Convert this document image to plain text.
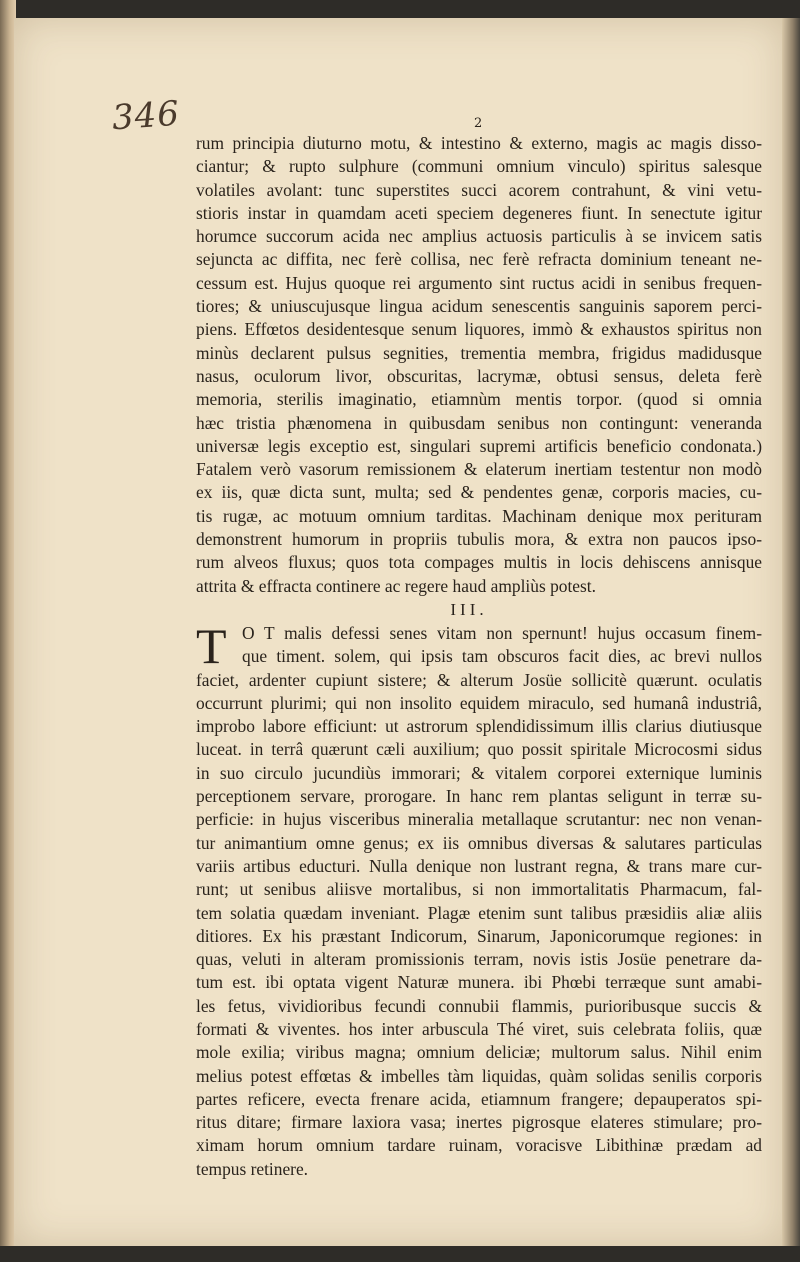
346	2
rum principia diuturno motu, & intestino & externo, magis ac magis disso-
ciantur; & rupto sulphure (communi omnium vinculo) spiritus salesque
volatiles avolant: tunc superstites succi acorem contrahunt, & vini vetu-
stioris instar in quamdam aceti speciem degeneres fiunt. In senectute igitur
horumce succorum acida nec amplius actuosis particulis à se invicem satis
sejuncta ac diffita, nec ferè collisa, nec ferè refracta dominium teneant ne-
cessum est. Hujus quoque rei argumento sint ructus acidi in senibus frequen-
tiores; & uniuscujusque lingua acidum senescentis sanguinis saporem perci-
piens. Effœtos desidentesque senum liquores, immò & exhaustos spiritus non
minùs declarent pulsus segnities, trementia membra, frigidus madidusque
nasus, oculorum livor, obscuritas, lacrymæ, obtusi sensus, deleta ferè
memoria, sterilis imaginatio, etiamnùm mentis torpor. (quod si omnia
hæc tristia phænomena in quibusdam senibus non contingunt: veneranda
universæ legis exceptio est, singulari supremi artificis beneficio condonata.)
Fatalem verò vasorum remissionem & elaterum inertiam testentur non modò
ex iis, quæ dicta sunt, multa; sed & pendentes genæ, corporis macies, cu-
tis rugæ, ac motuum omnium tarditas. Machinam denique mox perituram
demonstrent humorum in propriis tubulis mora, & extra non paucos ipso-
rum alveos fluxus; quos tota compages multis in locis dehiscens annisque
attrita & effracta continere ac regere haud ampliùs potest.
III.
T O T malis defessi senes vitam non spernunt! hujus occasum finem-
que timent. solem, qui ipsis tam obscuros facit dies, ac brevi nullos
faciet, ardenter cupiunt sistere; & alterum Josüe sollicitè quærunt. oculatis
occurrunt plurimi; qui non insolito equidem miraculo, sed humanâ industriâ,
improbo labore efficiunt: ut astrorum splendidissimum illis clarius diutiusque
luceat. in terrâ quærunt cæli auxilium; quo possit spiritale Microcosmi sidus
in suo circulo jucundiùs immorari; & vitalem corporei externique luminis
perceptionem servare, prorogare. In hanc rem plantas seligunt in terræ su-
perficie: in hujus visceribus mineralia metallaque scrutantur: nec non venan-
tur animantium omne genus; ex iis omnibus diversas & salutares particulas
variis artibus educturi. Nulla denique non lustrant regna, & trans mare cur-
runt; ut senibus aliisve mortalibus, si non immortalitatis Pharmacum, fal-
tem solatia quædam inveniant. Plagæ etenim sunt talibus præsidiis aliæ aliis
ditiores. Ex his præstant Indicorum, Sinarum, Japonicorumque regiones: in
quas, veluti in alteram promissionis terram, novis istis Josüe penetrare da-
tum est. ibi optata vigent Naturæ munera. ibi Phœbi terræque sunt amabi-
les fetus, vividioribus fecundi connubii flammis, purioribusque succis &
formati & viventes. hos inter arbuscula Thé viret, suis celebrata foliis, quæ
mole exilia; viribus magna; omnium deliciæ; multorum salus. Nihil enim
melius potest effœtas & imbelles tàm liquidas, quàm solidas senilis corporis
partes reficere, evecta frenare acida, etiamnum frangere; depauperatos spi-
ritus ditare; firmare laxiora vasa; inertes pigrosque elateres stimulare; pro-
ximam horum omnium tardare ruinam, voracisve Libithinæ prædam ad
tempus retinere.
